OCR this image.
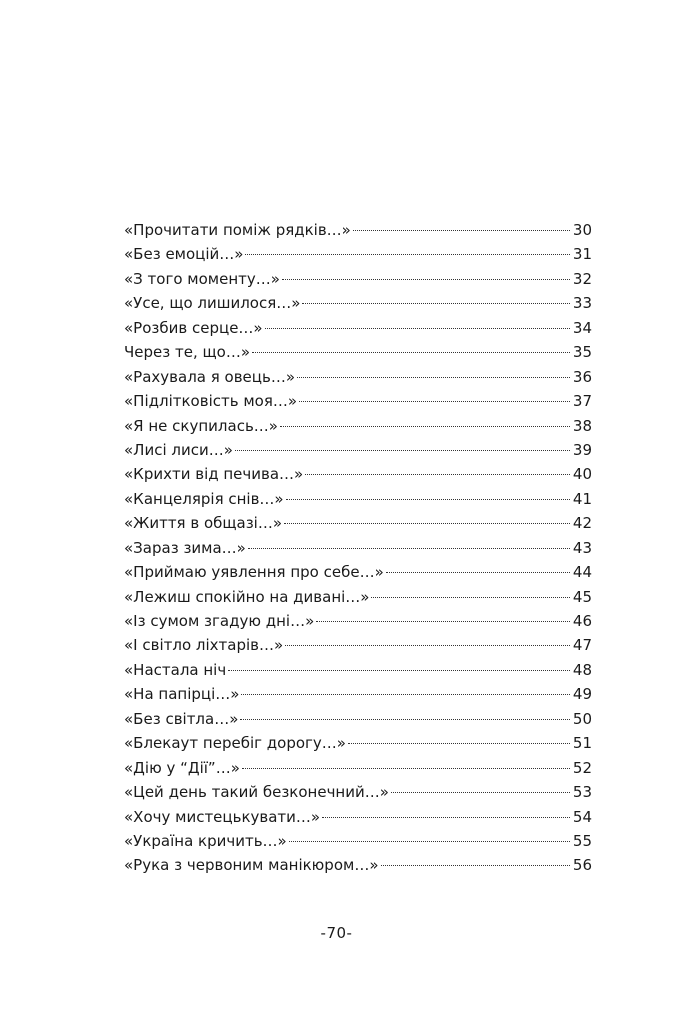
«Прочитати поміж рядків…»	30
«Без емоцій…»	31
«З того моменту…»	32
«Усе, що лишилося…»	33
«Розбив серце…»	34
Через те, що…»	35
«Рахувала я овець…»	36
«Підлітковість моя…»	37
«Я не скупилась…»	38
«Лисі лиси…»	39
«Крихти від печива…»	40
«Канцелярія снів…»	41
«Життя в общазі…»	42
«Зараз зима…»	43
«Приймаю уявлення про себе…»	44
«Лежиш спокійно на дивані…»	45
«Із сумом згадую дні…»	46
«І світло ліхтарів…»	47
«Настала ніч	48
«На папірці…»	49
«Без світла…»	50
«Блекаут перебіг дорогу…»	51
«Дію у “Дії”…»	52
«Цей день такий безконечний…»	53
«Хочу мистецькувати…»	54
«Україна кричить…»	55
«Рука з червоним манікюром…»	56
-70-
